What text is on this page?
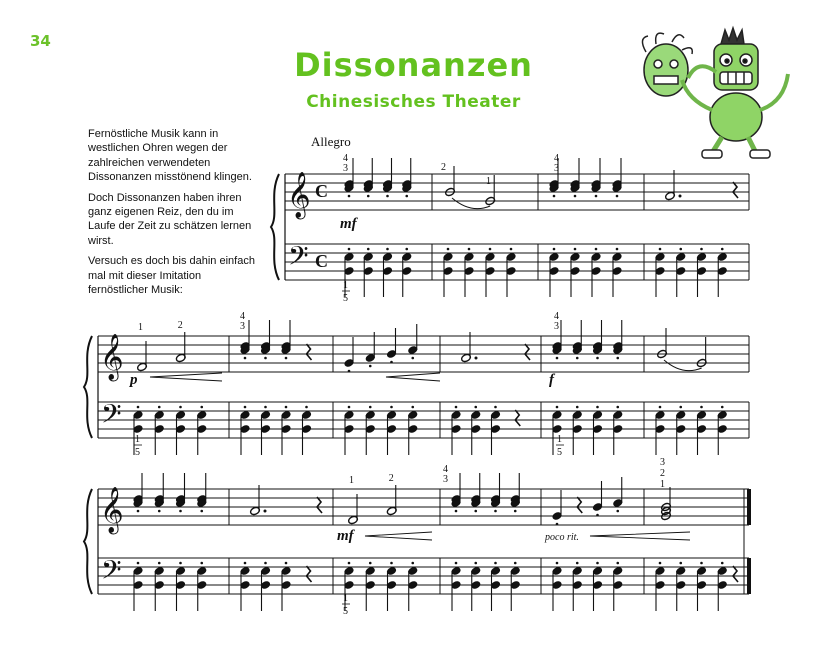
34
Dissonanzen
Chinesisches Theater

Fernöstliche Musik kann in westlichen Ohren wegen der zahlreichen verwendeten Dissonanzen misstönend klingen.

Doch Dissonanzen haben ihren ganz eigenen Reiz, den du im Laufe der Zeit zu schätzen lernen wirst.

Versuch es doch bis dahin einfach mal mit dieser Imitation fernöstlicher Musik:

Allegro
𝄞
𝄢
C
C
𝄞
𝄢
1	2
𝄞
𝄢
1	2
3
2
1
4
3
4
3
4
3
4
3
4
3
2
1
1
5
1
5
1
5
1
5
mf
p	f
mf	poco rit.
